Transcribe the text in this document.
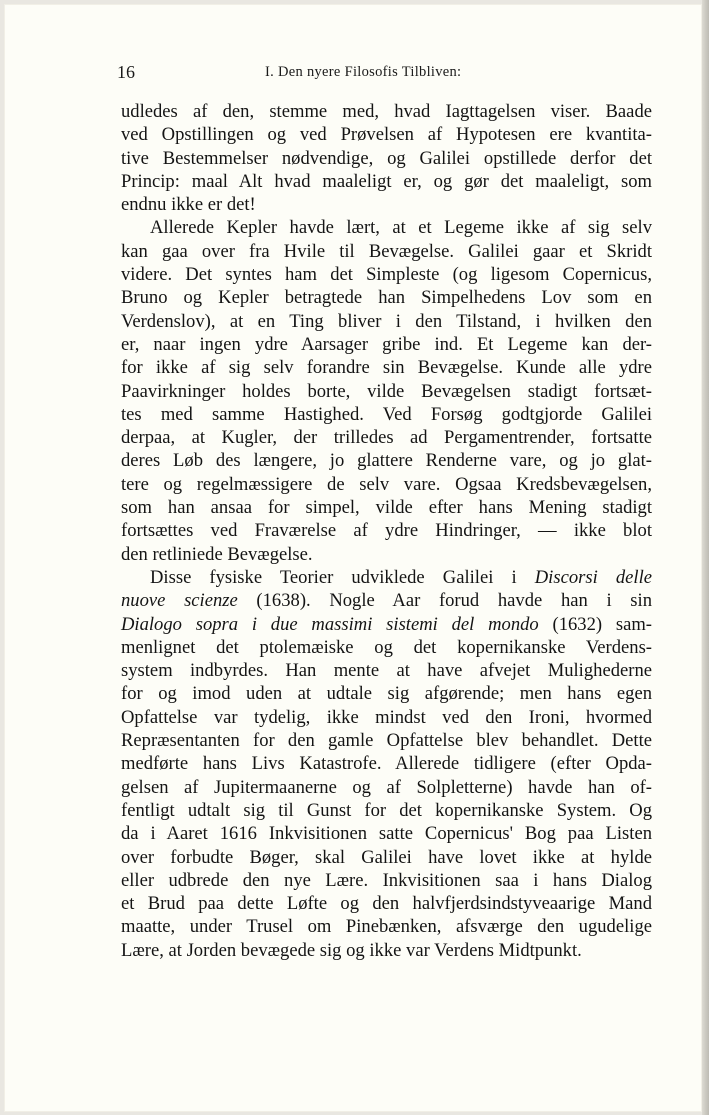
16	I. Den nyere Filosofis Tilbliven:
udledes af den, stemme med, hvad Iagttagelsen viser. Baade
ved Opstillingen og ved Prøvelsen af Hypotesen ere kvantita-
tive Bestemmelser nødvendige, og Galilei opstillede derfor det
Princip: maal Alt hvad maaleligt er, og gør det maaleligt, som
endnu ikke er det!
Allerede Kepler havde lært, at et Legeme ikke af sig selv
kan gaa over fra Hvile til Bevægelse. Galilei gaar et Skridt
videre. Det syntes ham det Simpleste (og ligesom Copernicus,
Bruno og Kepler betragtede han Simpelhedens Lov som en
Verdenslov), at en Ting bliver i den Tilstand, i hvilken den
er, naar ingen ydre Aarsager gribe ind. Et Legeme kan der-
for ikke af sig selv forandre sin Bevægelse. Kunde alle ydre
Paavirkninger holdes borte, vilde Bevægelsen stadigt fortsæt-
tes med samme Hastighed. Ved Forsøg godtgjorde Galilei
derpaa, at Kugler, der trilledes ad Pergamentrender, fortsatte
deres Løb des længere, jo glattere Renderne vare, og jo glat-
tere og regelmæssigere de selv vare. Ogsaa Kredsbevægelsen,
som han ansaa for simpel, vilde efter hans Mening stadigt
fortsættes ved Fraværelse af ydre Hindringer, — ikke blot
den retliniede Bevægelse.
Disse fysiske Teorier udviklede Galilei i Discorsi delle
nuove scienze (1638). Nogle Aar forud havde han i sin
Dialogo sopra i due massimi sistemi del mondo (1632) sam-
menlignet det ptolemæiske og det kopernikanske Verdens-
system indbyrdes. Han mente at have afvejet Mulighederne
for og imod uden at udtale sig afgørende; men hans egen
Opfattelse var tydelig, ikke mindst ved den Ironi, hvormed
Repræsentanten for den gamle Opfattelse blev behandlet. Dette
medførte hans Livs Katastrofe. Allerede tidligere (efter Opda-
gelsen af Jupitermaanerne og af Solpletterne) havde han of-
fentligt udtalt sig til Gunst for det kopernikanske System. Og
da i Aaret 1616 Inkvisitionen satte Copernicus' Bog paa Listen
over forbudte Bøger, skal Galilei have lovet ikke at hylde
eller udbrede den nye Lære. Inkvisitionen saa i hans Dialog
et Brud paa dette Løfte og den halvfjerdsindstyveaarige Mand
maatte, under Trusel om Pinebænken, afsværge den ugudelige
Lære, at Jorden bevægede sig og ikke var Verdens Midtpunkt.
